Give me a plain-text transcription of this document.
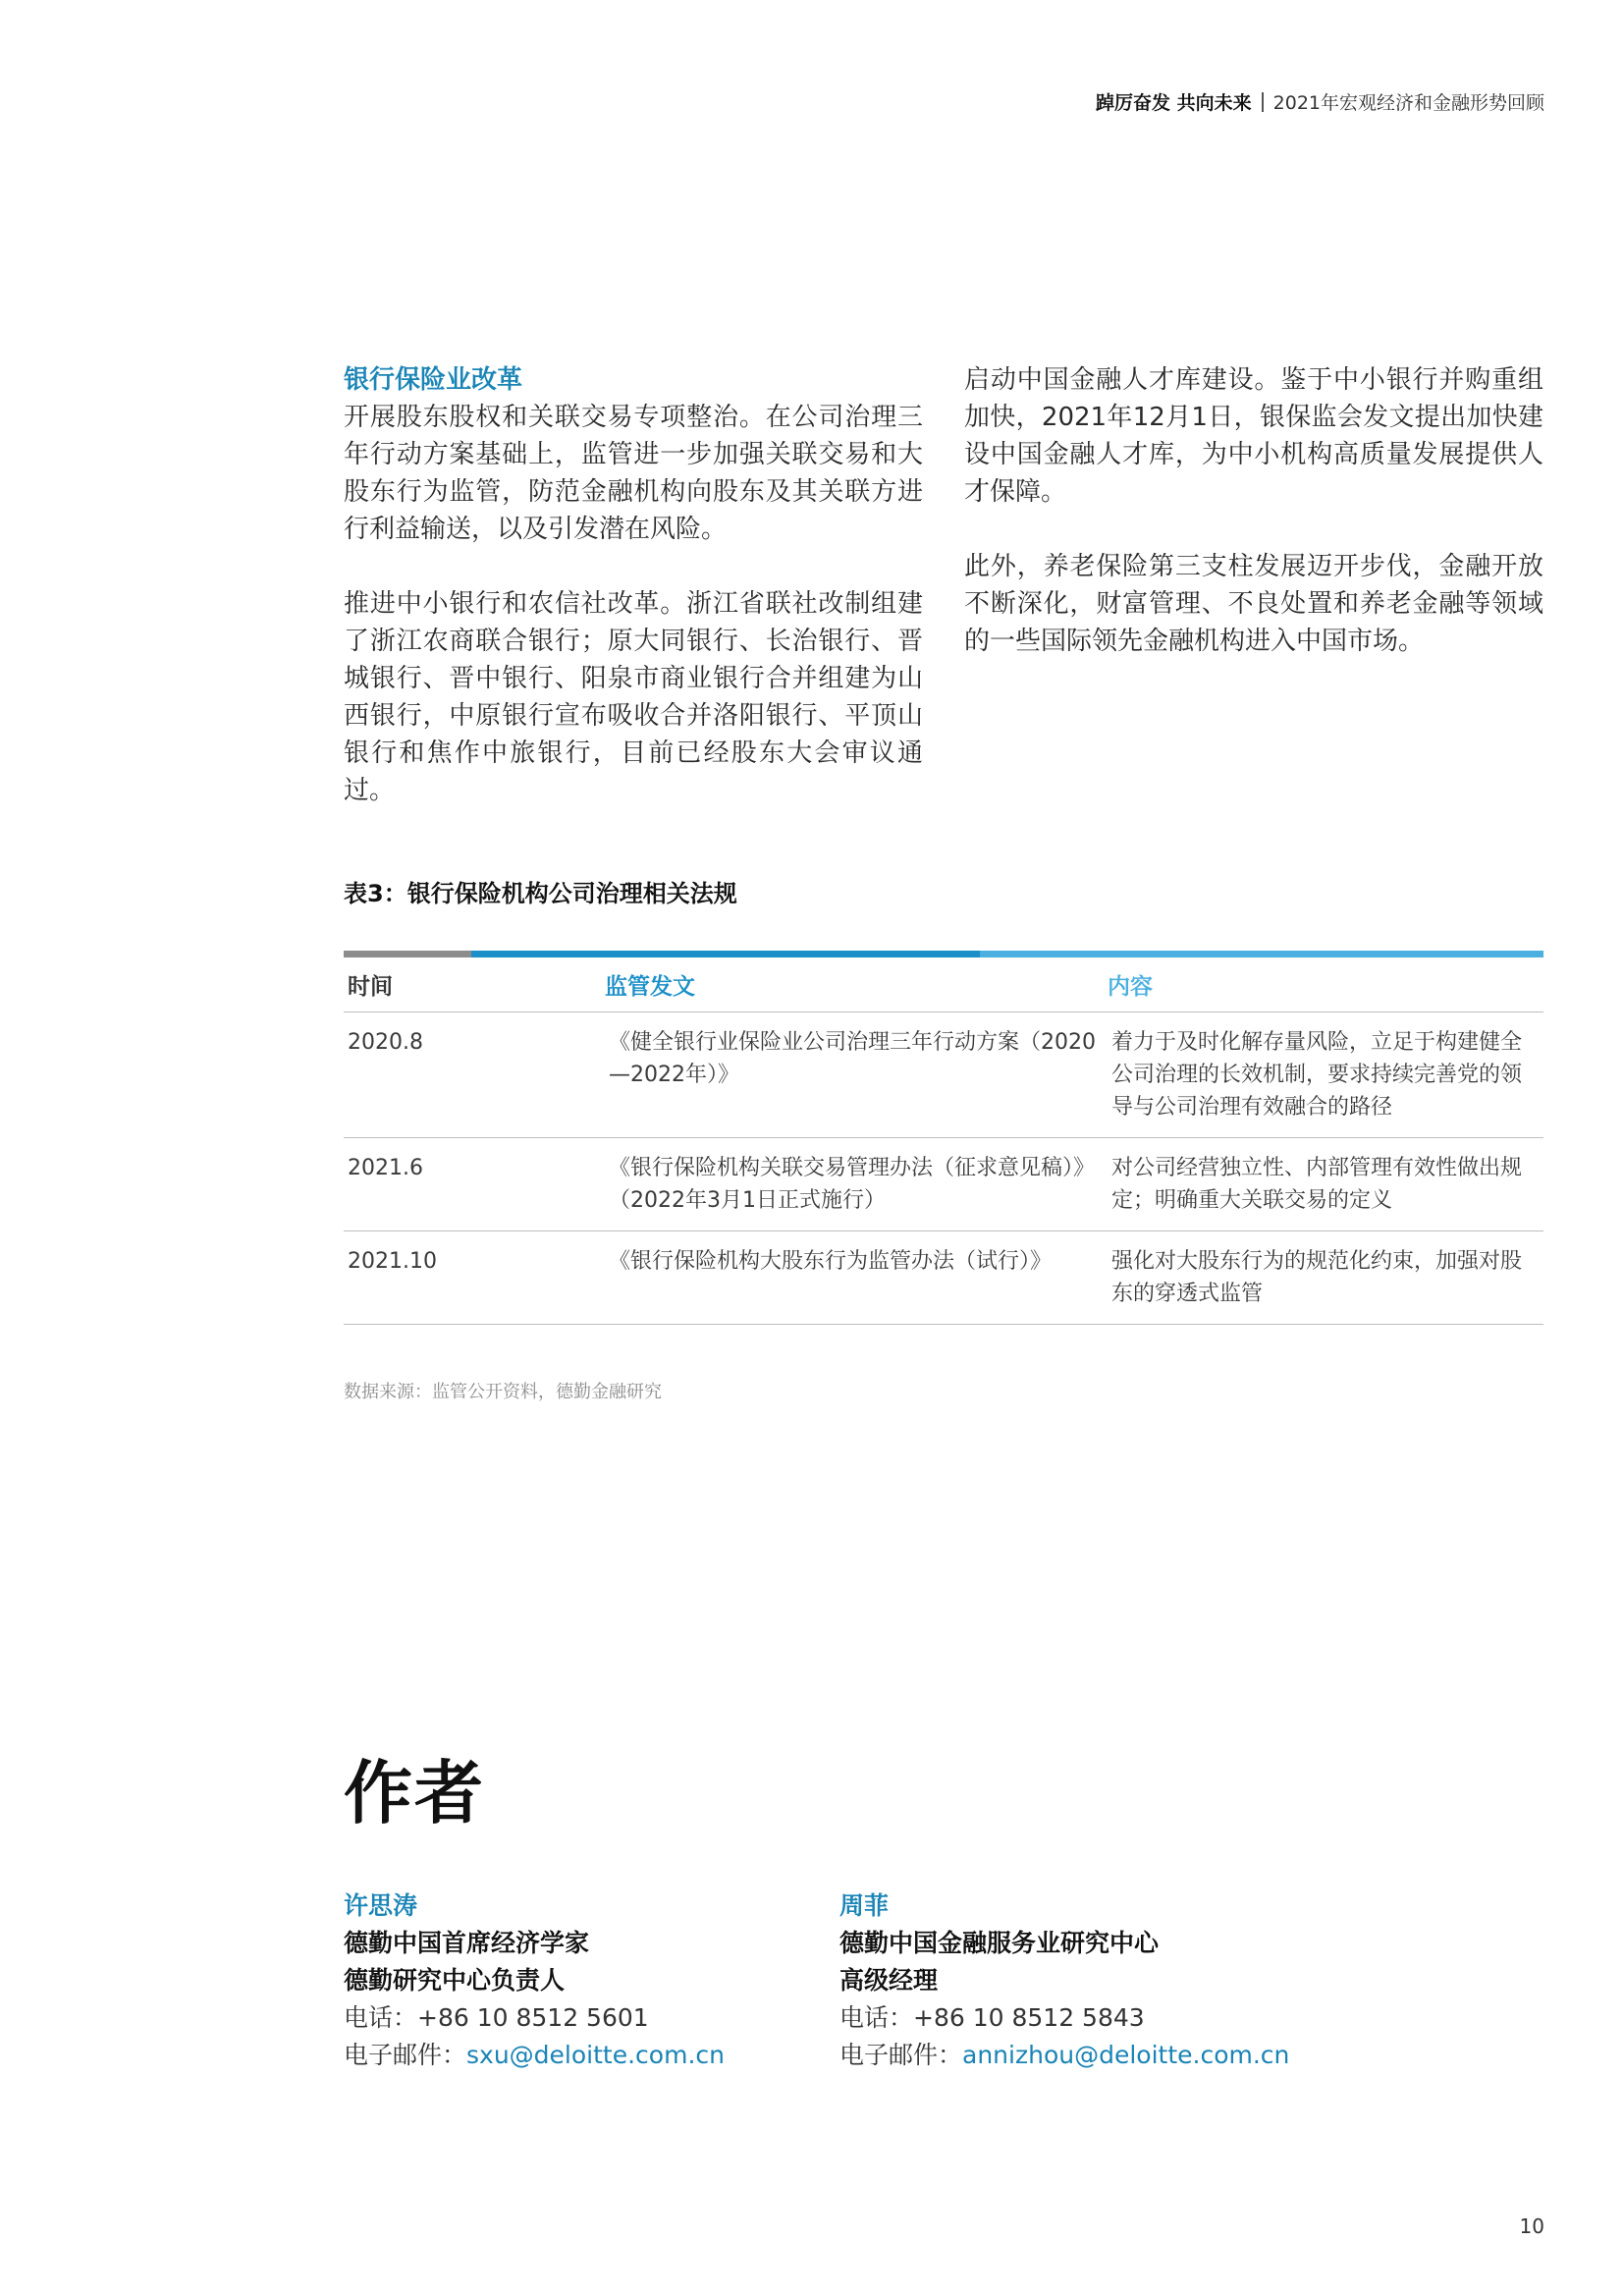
踔厉奋发 共向未来 2021年宏观经济和金融形势回顾
银行保险业改革

开展股东股权和关联交易专项整治。在公司治理三年行动方案基础上，监管进一步加强关联交易和大股东行为监管，防范金融机构向股东及其关联方进行利益输送，以及引发潜在风险。

推进中小银行和农信社改革。浙江省联社改制组建了浙江农商联合银行；原大同银行、长治银行、晋城银行、晋中银行、阳泉市商业银行合并组建为山西银行，中原银行宣布吸收合并洛阳银行、平顶山银行和焦作中旅银行，目前已经股东大会审议通过。

启动中国金融人才库建设。鉴于中小银行并购重组加快，2021年12月1日，银保监会发文提出加快建设中国金融人才库，为中小机构高质量发展提供人才保障。

此外，养老保险第三支柱发展迈开步伐，金融开放不断深化，财富管理、不良处置和养老金融等领域的一些国际领先金融机构进入中国市场。

表3：银行保险机构公司治理相关法规
时间	监管发文	内容
2020.8	《健全银行业保险业公司治理三年行动方案（2020—2022年）》	着力于及时化解存量风险，立足于构建健全公司治理的长效机制，要求持续完善党的领导与公司治理有效融合的路径
2021.6	《银行保险机构关联交易管理办法（征求意见稿）》（2022年3月1日正式施行）	对公司经营独立性、内部管理有效性做出规定；明确重大关联交易的定义
2021.10	《银行保险机构大股东行为监管办法（试行）》	强化对大股东行为的规范化约束，加强对股东的穿透式监管
数据来源：监管公开资料，德勤金融研究
作者
许思涛
德勤中国首席经济学家
德勤研究中心负责人
电话：+86 10 8512 5601
电子邮件：sxu@deloitte.com.cn
周菲
德勤中国金融服务业研究中心
高级经理
电话：+86 10 8512 5843
电子邮件：annizhou@deloitte.com.cn
10
